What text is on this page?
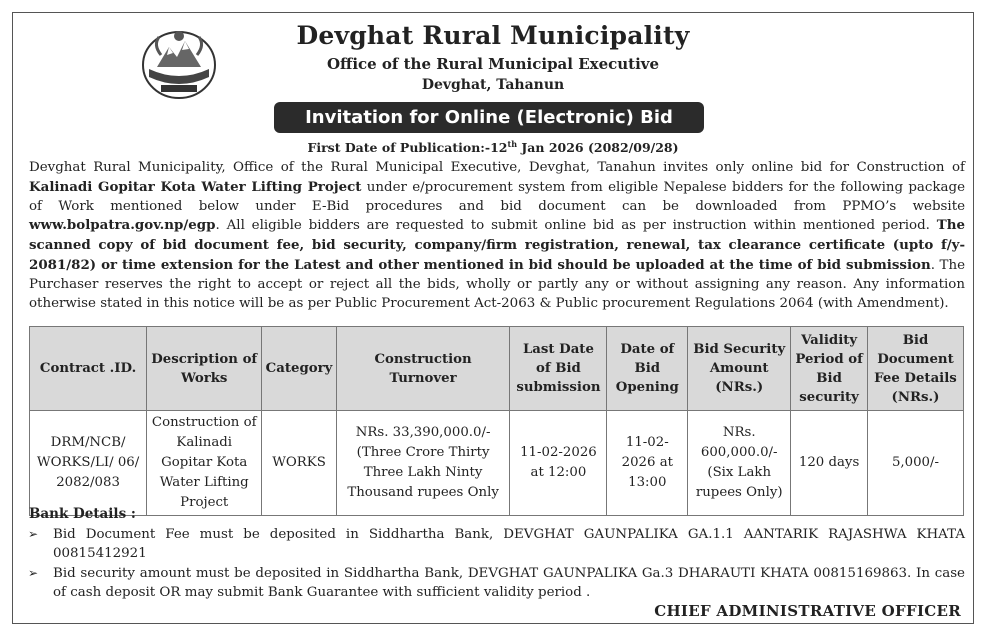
Devghat Rural Municipality
Office of the Rural Municipal Executive
Devghat, Tahanun
Invitation for Online (Electronic) Bid
First Date of Publication:-12th Jan 2026 (2082/09/28)
Devghat Rural Municipality, Office of the Rural Municipal Executive, Devghat, Tanahun invites only online bid for Construction of Kalinadi Gopitar Kota Water Lifting Project under e/procurement system from eligible Nepalese bidders for the following package of Work mentioned below under E-Bid procedures and bid document can be downloaded from PPMO’s website www.bolpatra.gov.np/egp. All eligible bidders are requested to submit online bid as per instruction within mentioned period. The scanned copy of bid document fee, bid security, company/firm registration, renewal, tax clearance certificate (upto f/y- 2081/82) or time extension for the Latest and other mentioned in bid should be uploaded at the time of bid submission. The Purchaser reserves the right to accept or reject all the bids, wholly or partly any or without assigning any reason. Any information otherwise stated in this notice will be as per Public Procurement Act-2063 & Public procurement Regulations 2064 (with Amendment).
Contract .ID.	Description of Works	Category	Construction Turnover	Last Date of Bid submission	Date of Bid Opening	Bid Security Amount (NRs.)	Validity Period of Bid security	Bid Document Fee Details (NRs.)
DRM/NCB/ WORKS/LI/ 06/ 2082/083	Construction of Kalinadi Gopitar Kota Water Lifting Project	WORKS	NRs. 33,390,000.0/- (Three Crore Thirty Three Lakh Ninty Thousand rupees Only	11-02-2026 at 12:00	11-02-2026 at 13:00	NRs. 600,000.0/- (Six Lakh rupees Only)	120 days	5,000/-
Bank Details :
➢	Bid Document Fee must be deposited in Siddhartha Bank, DEVGHAT GAUNPALIKA GA.1.1 AANTARIK RAJASHWA KHATA 00815412921
➢	Bid security amount must be deposited in Siddhartha Bank, DEVGHAT GAUNPALIKA Ga.3 DHARAUTI KHATA 00815169863. In case of cash deposit OR may submit Bank Guarantee with sufficient validity period .
CHIEF ADMINISTRATIVE OFFICER
